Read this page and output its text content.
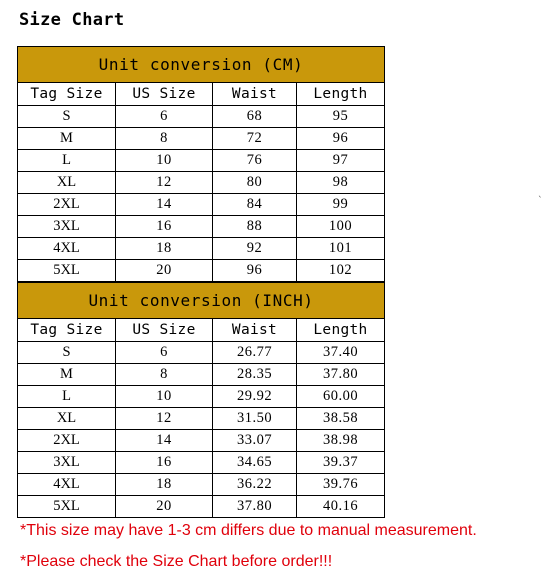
Size Chart
Unit conversion (CM)			
Tag Size	US Size	Waist	Length
S	6	68	95
M	8	72	96
L	10	76	97
XL	12	80	98
2XL	14	84	99
3XL	16	88	100
4XL	18	92	101
5XL	20	96	102
Unit conversion (INCH)			
Tag Size	US Size	Waist	Length
S	6	26.77	37.40
M	8	28.35	37.80
L	10	29.92	60.00
XL	12	31.50	38.58
2XL	14	33.07	38.98
3XL	16	34.65	39.37
4XL	18	36.22	39.76
5XL	20	37.80	40.16
*This size may have 1-3 cm differs due to manual measurement.
*Please check the Size Chart before order!!!
`
